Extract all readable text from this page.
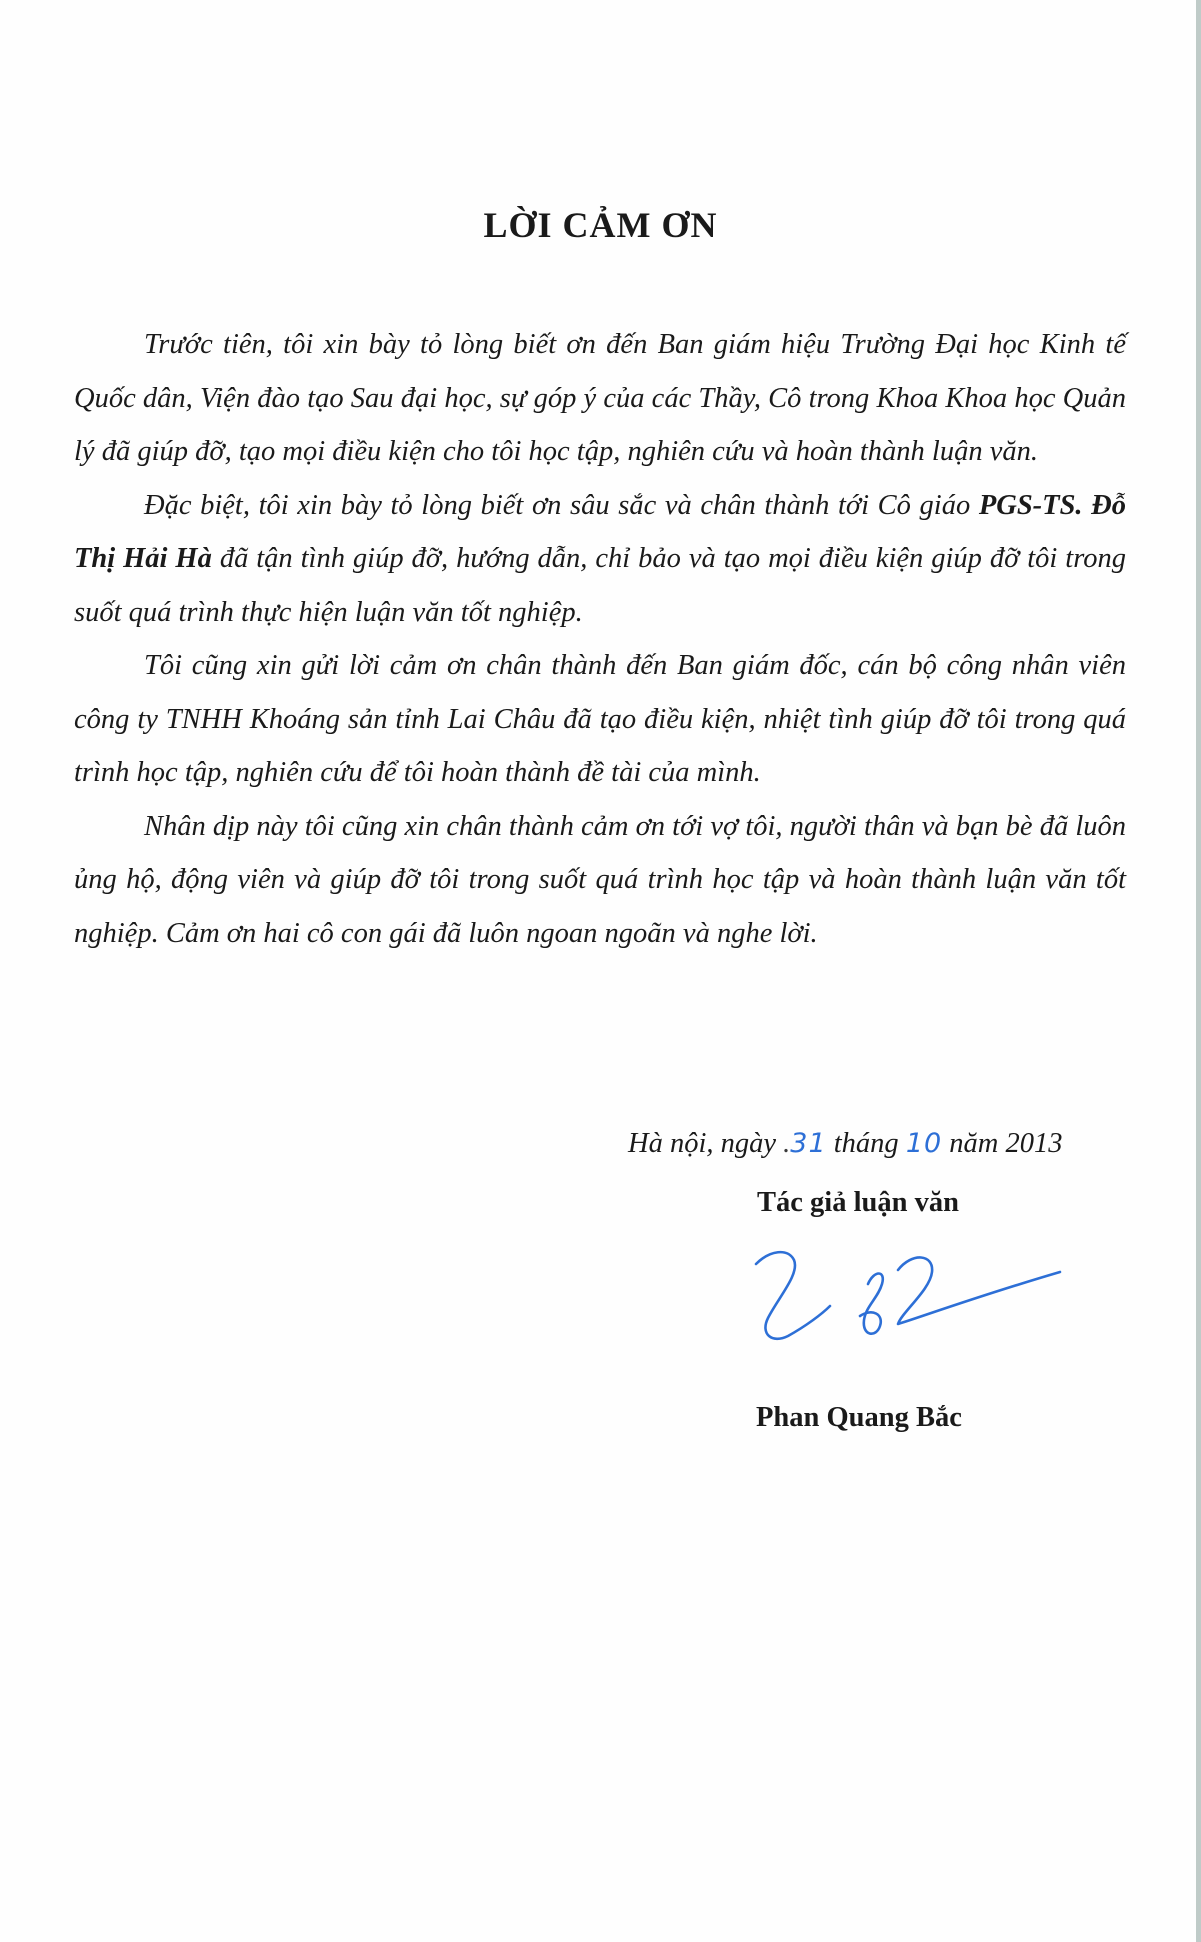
LỜI CẢM ƠN

Trước tiên, tôi xin bày tỏ lòng biết ơn đến Ban giám hiệu Trường Đại học Kinh tế Quốc dân, Viện đào tạo Sau đại học, sự góp ý của các Thầy, Cô trong Khoa Khoa học Quản lý đã giúp đỡ, tạo mọi điều kiện cho tôi học tập, nghiên cứu và hoàn thành luận văn.

Đặc biệt, tôi xin bày tỏ lòng biết ơn sâu sắc và chân thành tới Cô giáo PGS-TS. Đỗ Thị Hải Hà đã tận tình giúp đỡ, hướng dẫn, chỉ bảo và tạo mọi điều kiện giúp đỡ tôi trong suốt quá trình thực hiện luận văn tốt nghiệp.

Tôi cũng xin gửi lời cảm ơn chân thành đến Ban giám đốc, cán bộ công nhân viên công ty TNHH Khoáng sản tỉnh Lai Châu đã tạo điều kiện, nhiệt tình giúp đỡ tôi trong quá trình học tập, nghiên cứu để tôi hoàn thành đề tài của mình.

Nhân dịp này tôi cũng xin chân thành cảm ơn tới vợ tôi, người thân và bạn bè đã luôn ủng hộ, động viên và giúp đỡ tôi trong suốt quá trình học tập và hoàn thành luận văn tốt nghiệp. Cảm ơn hai cô con gái đã luôn ngoan ngoãn và nghe lời.

Hà nội, ngày .31 tháng 10 năm 2013
Tác giả luận văn
Phan Quang Bắc
